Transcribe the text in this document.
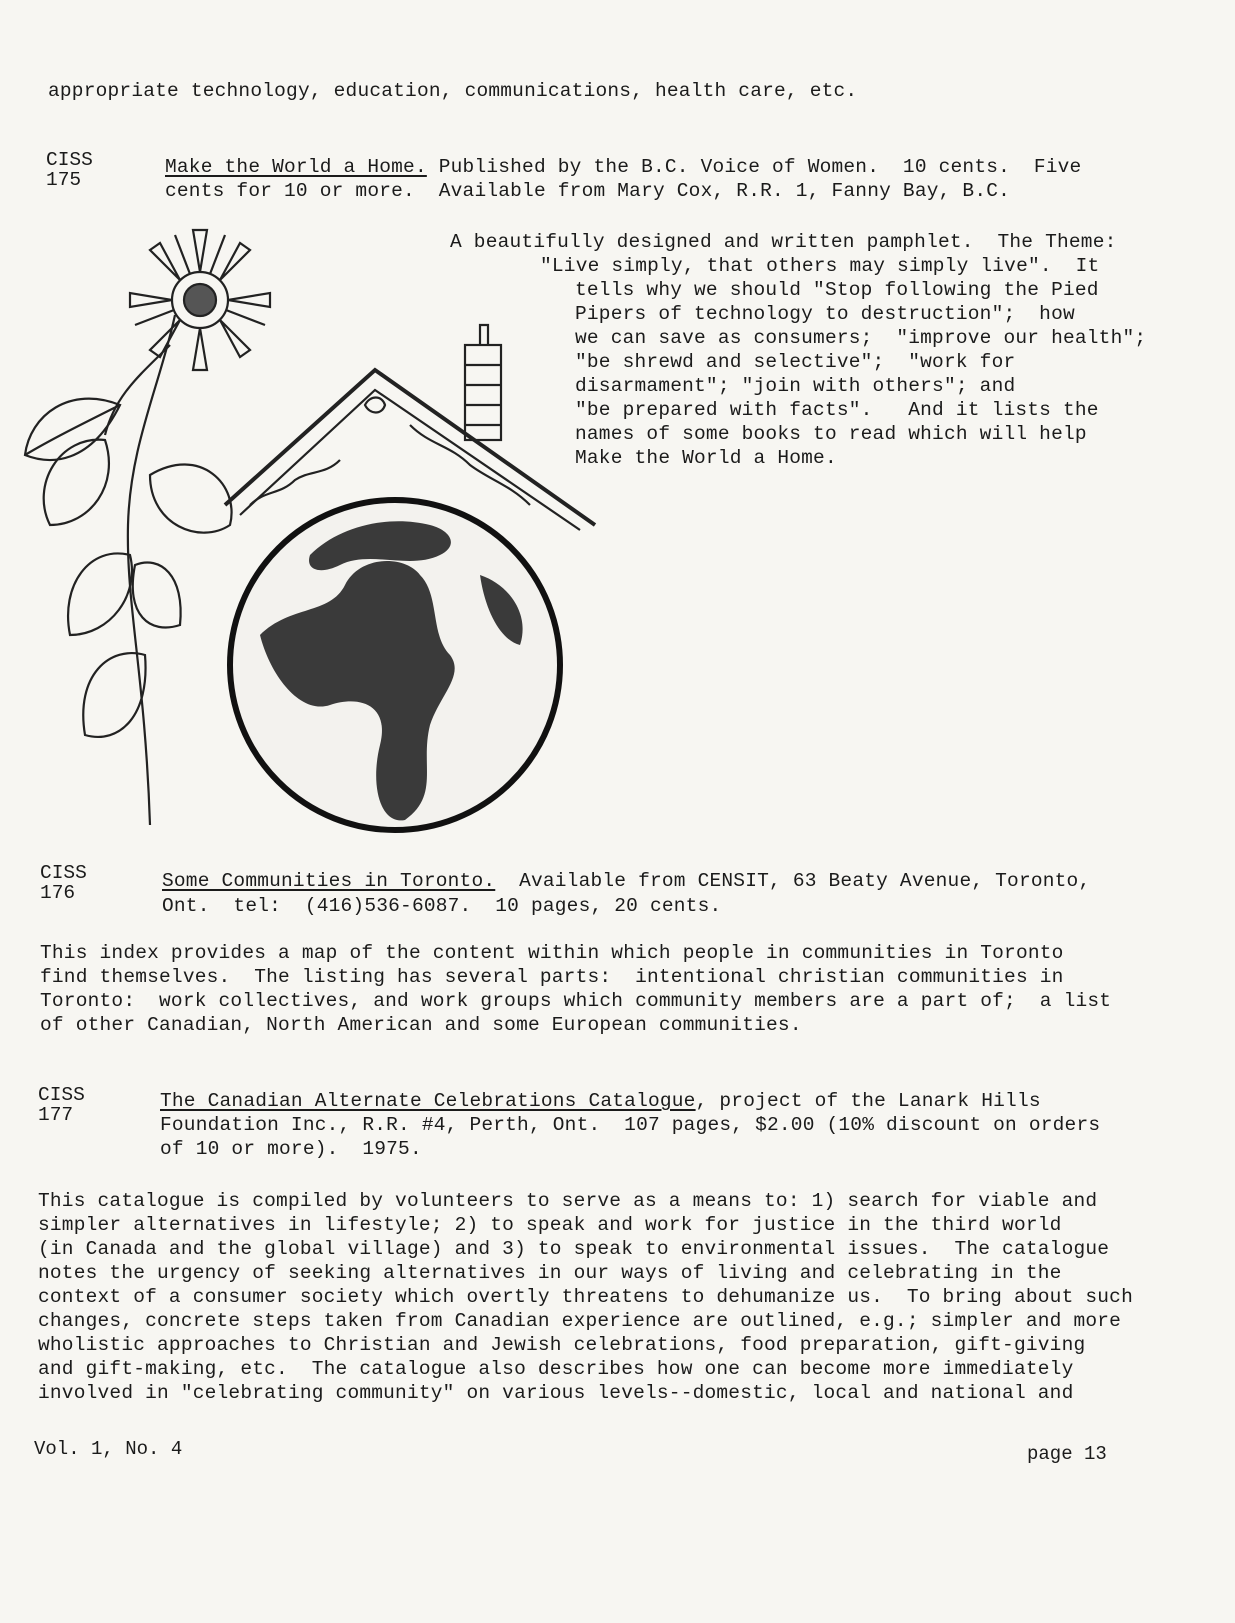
appropriate technology, education, communications, health care, etc.
CISS
175
Make the World a Home. Published by the B.C. Voice of Women.  10 cents.  Five
cents for 10 or more.  Available from Mary Cox, R.R. 1, Fanny Bay, B.C.

A beautifully designed and written pamphlet.  The Theme:

"Live simply, that others may simply live".  It

tells why we should "Stop following the Pied

Pipers of technology to destruction";  how

we can save as consumers;  "improve our health";

"be shrewd and selective";  "work for

disarmament"; "join with others"; and

"be prepared with facts".   And it lists the

names of some books to read which will help

Make the World a Home.

CISS
176
Some Communities in Toronto.  Available from CENSIT, 63 Beaty Avenue, Toronto,
Ont.  tel:  (416)536-6087.  10 pages, 20 cents.
This index provides a map of the content within which people in communities in Toronto
find themselves.  The listing has several parts:  intentional christian communities in
Toronto:  work collectives, and work groups which community members are a part of;  a list
of other Canadian, North American and some European communities.
CISS
177
The Canadian Alternate Celebrations Catalogue, project of the Lanark Hills
Foundation Inc., R.R. #4, Perth, Ont.  107 pages, $2.00 (10% discount on orders
of 10 or more).  1975.
This catalogue is compiled by volunteers to serve as a means to: 1) search for viable and
simpler alternatives in lifestyle; 2) to speak and work for justice in the third world
(in Canada and the global village) and 3) to speak to environmental issues.  The catalogue
notes the urgency of seeking alternatives in our ways of living and celebrating in the
context of a consumer society which overtly threatens to dehumanize us.  To bring about such
changes, concrete steps taken from Canadian experience are outlined, e.g.; simpler and more
wholistic approaches to Christian and Jewish celebrations, food preparation, gift-giving
and gift-making, etc.  The catalogue also describes how one can become more immediately
involved in "celebrating community" on various levels--domestic, local and national and
Vol. 1, No. 4	page 13
